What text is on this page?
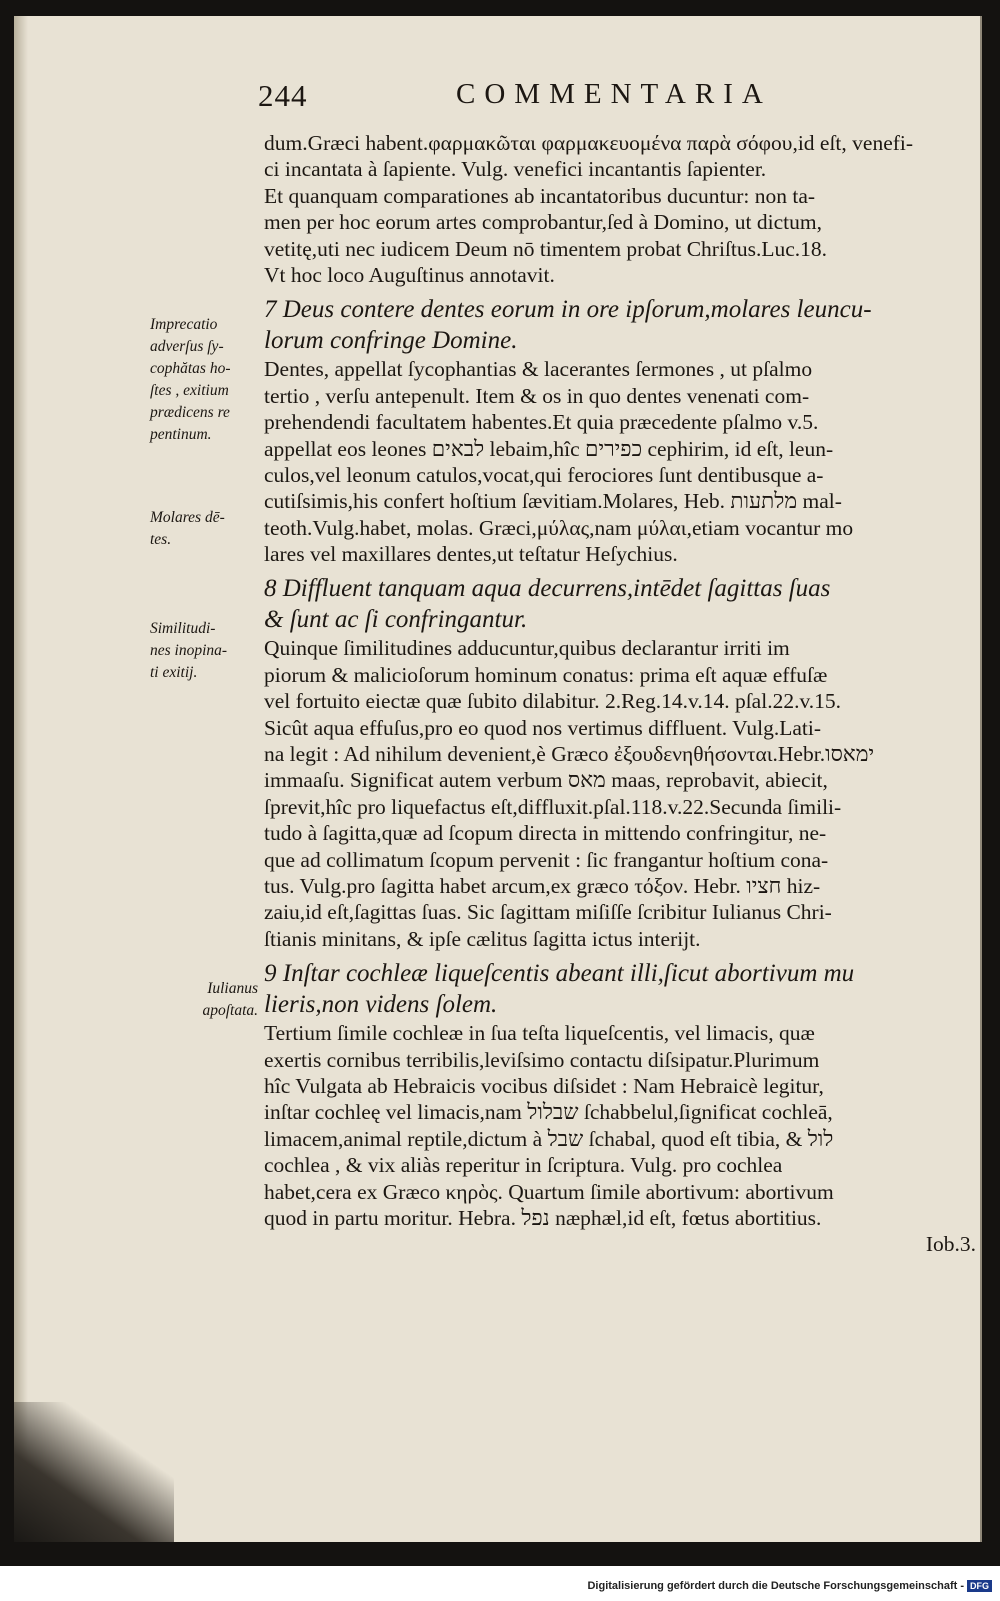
244	COMMENTARIA
dum.Græci habent.φαρμακῶται φαρμακευομένα παρὰ σόφου,id eſt, venefi-
ci incantata à ſapiente. Vulg. venefici incantantis ſapienter.
Et quanquam comparationes ab incantatoribus ducuntur: non ta-
men per hoc eorum artes comprobantur,ſed à Domino, ut dictum,
vetitę,uti nec iudicem Deum nō timentem probat Chriſtus.Luc.18.
Vt hoc loco Auguſtinus annotavit.
7 Deus contere dentes eorum in ore ipſorum,molares leuncu-
lorum confringe Domine.
Dentes, appellat ſycophantias & lacerantes ſermones , ut pſalmo
tertio , verſu antepenult. Item & os in quo dentes venenati com-
prehendendi facultatem habentes.Et quia præcedente pſalmo v.5.
appellat eos leones לבאים lebaim,hîc כפירים cephirim, id eſt, leun-
culos,vel leonum catulos,vocat,qui ferociores ſunt dentibusque a-
cutiſsimis,his confert hoſtium ſævitiam.Molares, Heb. מלתעות mal-
teoth.Vulg.habet, molas. Græci,μύλας,nam μύλαι,etiam vocantur mo
lares vel maxillares dentes,ut teſtatur Heſychius.
8 Diffluent tanquam aqua decurrens,intēdet ſagittas ſuas
& ſunt ac ſi confringantur.
Quinque ſimilitudines adducuntur,quibus declarantur irriti im
piorum & malicioſorum hominum conatus: prima eſt aquæ effuſæ
vel fortuito eiectæ quæ ſubito dilabitur. 2.Reg.14.v.14. pſal.22.v.15.
Sicût aqua effuſus,pro eo quod nos vertimus diffluent. Vulg.Lati-
na legit : Ad nihilum devenient,è Græco ἐξουδενηθήσονται.Hebr.ימאסו
immaaſu. Significat autem verbum מאס maas, reprobavit, abiecit,
ſprevit,hîc pro liquefactus eſt,diffluxit.pſal.118.v.22.Secunda ſimili-
tudo à ſagitta,quæ ad ſcopum directa in mittendo confringitur, ne-
que ad collimatum ſcopum pervenit : ſic frangantur hoſtium cona-
tus. Vulg.pro ſagitta habet arcum,ex græco τόξον. Hebr. חציו hiz-
zaiu,id eſt,ſagittas ſuas. Sic ſagittam miſiſſe ſcribitur Iulianus Chri-
ſtianis minitans, & ipſe cælitus ſagitta ictus interijt.
9 Inſtar cochleæ liqueſcentis abeant illi,ſicut abortivum mu
lieris,non videns ſolem.
Tertium ſimile cochleæ in ſua teſta liqueſcentis, vel limacis, quæ
exertis cornibus terribilis,leviſsimo contactu diſsipatur.Plurimum
hîc Vulgata ab Hebraicis vocibus diſsidet : Nam Hebraicè legitur,
inſtar cochleę vel limacis,nam שבלול ſchabbelul,ſignificat cochleā,
limacem,animal reptile,dictum à שבל ſchabal, quod eſt tibia, & לול
cochlea , & vix aliàs reperitur in ſcriptura. Vulg. pro cochlea
habet,cera ex Græco κηρὸς. Quartum ſimile abortivum: abortivum
quod in partu moritur. Hebra. נפל næphæl,id eſt, fœtus abortitius.
Iob.3.
Imprecatio
adverſus ſy-
cophătas ho-
ſtes , exitium
prædicens re
pentinum.
Molares dē-
tes.
Similitudi-
nes inopina-
ti exitij.
Iulianus
apoſtata.
Digitalisierung gefördert durch die Deutsche Forschungsgemeinschaft - DFG
